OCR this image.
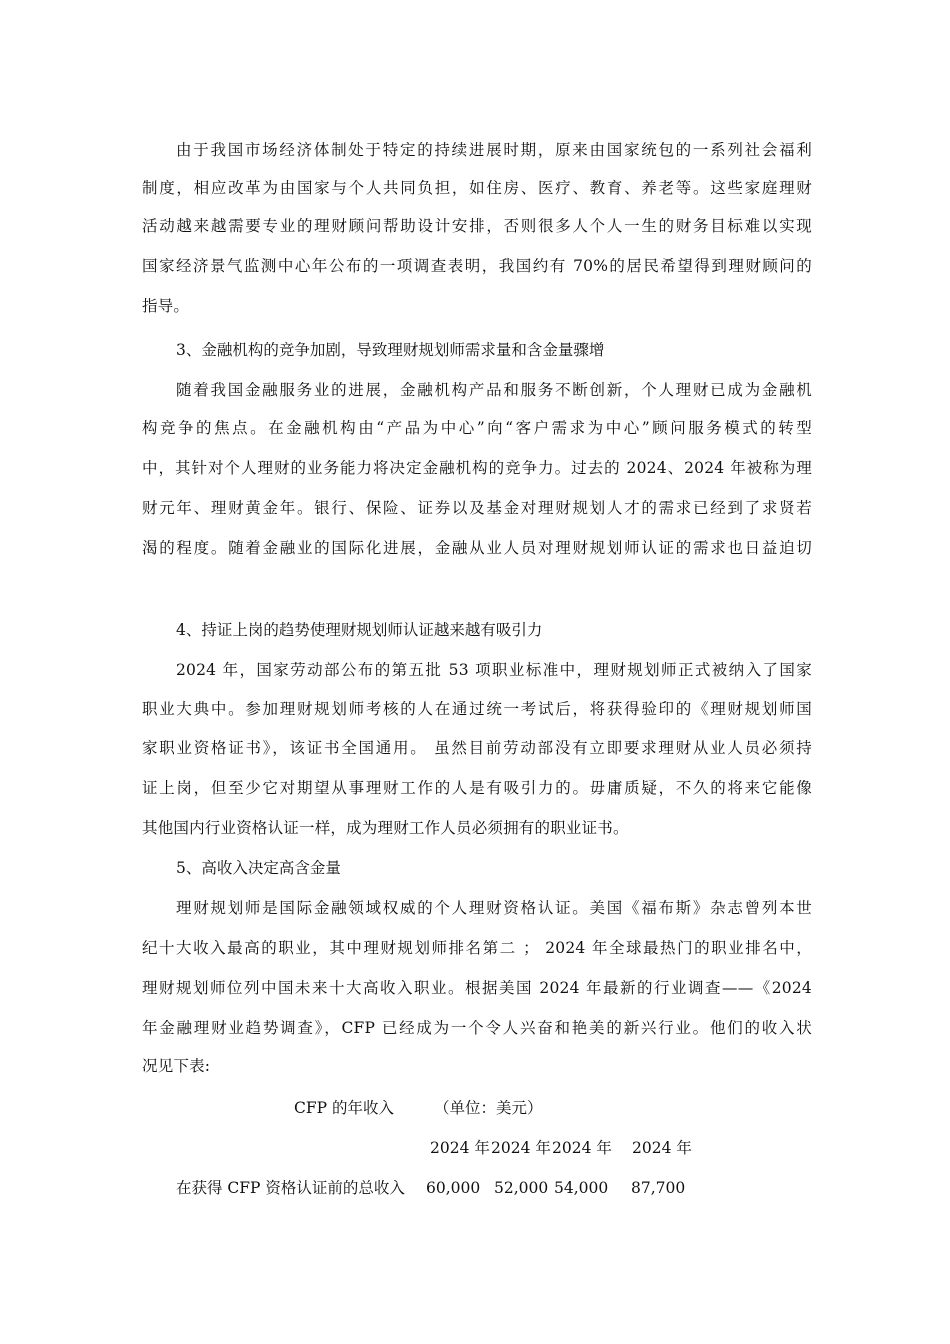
由于我国市场经济体制处于特定的持续进展时期，原来由国家统包的一系列社会福利
制度，相应改革为由国家与个人共同负担，如住房、医疗、教育、养老等。这些家庭理财
活动越来越需要专业的理财顾问帮助设计安排，否则很多人个人一生的财务目标难以实现
国家经济景气监测中心年公布的一项调查表明，我国约有 70%的居民希望得到理财顾问的
指导。
3、金融机构的竞争加剧，导致理财规划师需求量和含金量骤增
随着我国金融服务业的进展，金融机构产品和服务不断创新，个人理财已成为金融机
构竞争的焦点。在金融机构由“产品为中心”向“客户需求为中心”顾问服务模式的转型
中，其针对个人理财的业务能力将决定金融机构的竞争力。过去的 2024、2024 年被称为理
财元年、理财黄金年。银行、保险、证券以及基金对理财规划人才的需求已经到了求贤若
渴的程度。随着金融业的国际化进展，金融从业人员对理财规划师认证的需求也日益迫切
4、持证上岗的趋势使理财规划师认证越来越有吸引力
2024 年，国家劳动部公布的第五批 53 项职业标准中，理财规划师正式被纳入了国家
职业大典中。参加理财规划师考核的人在通过统一考试后，将获得验印的《理财规划师国
家职业资格证书》，该证书全国通用。 虽然目前劳动部没有立即要求理财从业人员必须持
证上岗，但至少它对期望从事理财工作的人是有吸引力的。毋庸质疑，不久的将来它能像
其他国内行业资格认证一样，成为理财工作人员必须拥有的职业证书。
5、高收入决定高含金量
理财规划师是国际金融领域权威的个人理财资格认证。美国《福布斯》杂志曾列本世
纪十大收入最高的职业，其中理财规划师排名第二 ； 2024 年全球最热门的职业排名中，
理财规划师位列中国未来十大高收入职业。根据美国 2024 年最新的行业调查——《2024
年金融理财业趋势调查》，CFP 已经成为一个令人兴奋和艳美的新兴行业。他们的收入状
况见下表:
CFP 的年收入	（单位：美元）
2024 年 2024 年 2024 年 2024 年
在获得 CFP 资格认证前的总收入 60,000 52,000 54,000 87,700
